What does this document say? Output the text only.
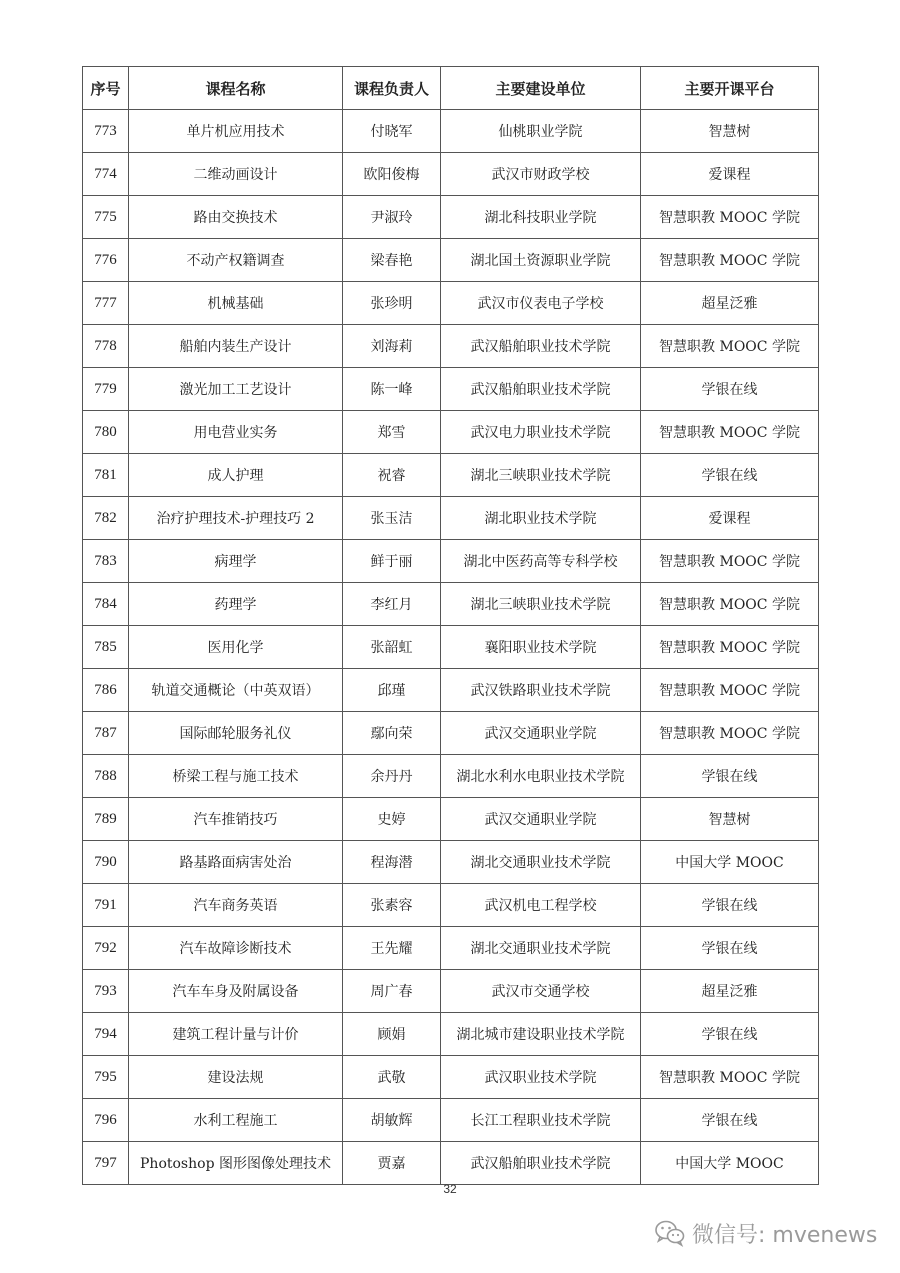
序号	课程名称	课程负责人	主要建设单位	主要开课平台
773	单片机应用技术	付晓军	仙桃职业学院	智慧树
774	二维动画设计	欧阳俊梅	武汉市财政学校	爱课程
775	路由交换技术	尹淑玲	湖北科技职业学院	智慧职教 MOOC 学院
776	不动产权籍调查	梁春艳	湖北国土资源职业学院	智慧职教 MOOC 学院
777	机械基础	张珍明	武汉市仪表电子学校	超星泛雅
778	船舶内装生产设计	刘海莉	武汉船舶职业技术学院	智慧职教 MOOC 学院
779	激光加工工艺设计	陈一峰	武汉船舶职业技术学院	学银在线
780	用电营业实务	郑雪	武汉电力职业技术学院	智慧职教 MOOC 学院
781	成人护理	祝睿	湖北三峡职业技术学院	学银在线
782	治疗护理技术-护理技巧 2	张玉洁	湖北职业技术学院	爱课程
783	病理学	鲜于丽	湖北中医药高等专科学校	智慧职教 MOOC 学院
784	药理学	李红月	湖北三峡职业技术学院	智慧职教 MOOC 学院
785	医用化学	张韶虹	襄阳职业技术学院	智慧职教 MOOC 学院
786	轨道交通概论（中英双语）	邱瑾	武汉铁路职业技术学院	智慧职教 MOOC 学院
787	国际邮轮服务礼仪	鄢向荣	武汉交通职业学院	智慧职教 MOOC 学院
788	桥梁工程与施工技术	余丹丹	湖北水利水电职业技术学院	学银在线
789	汽车推销技巧	史婷	武汉交通职业学院	智慧树
790	路基路面病害处治	程海潜	湖北交通职业技术学院	中国大学 MOOC
791	汽车商务英语	张素容	武汉机电工程学校	学银在线
792	汽车故障诊断技术	王先耀	湖北交通职业技术学院	学银在线
793	汽车车身及附属设备	周广春	武汉市交通学校	超星泛雅
794	建筑工程计量与计价	顾娟	湖北城市建设职业技术学院	学银在线
795	建设法规	武敬	武汉职业技术学院	智慧职教 MOOC 学院
796	水利工程施工	胡敏辉	长江工程职业技术学院	学银在线
797	Photoshop 图形图像处理技术	贾嘉	武汉船舶职业技术学院	中国大学 MOOC
32
微信号: mvenews
